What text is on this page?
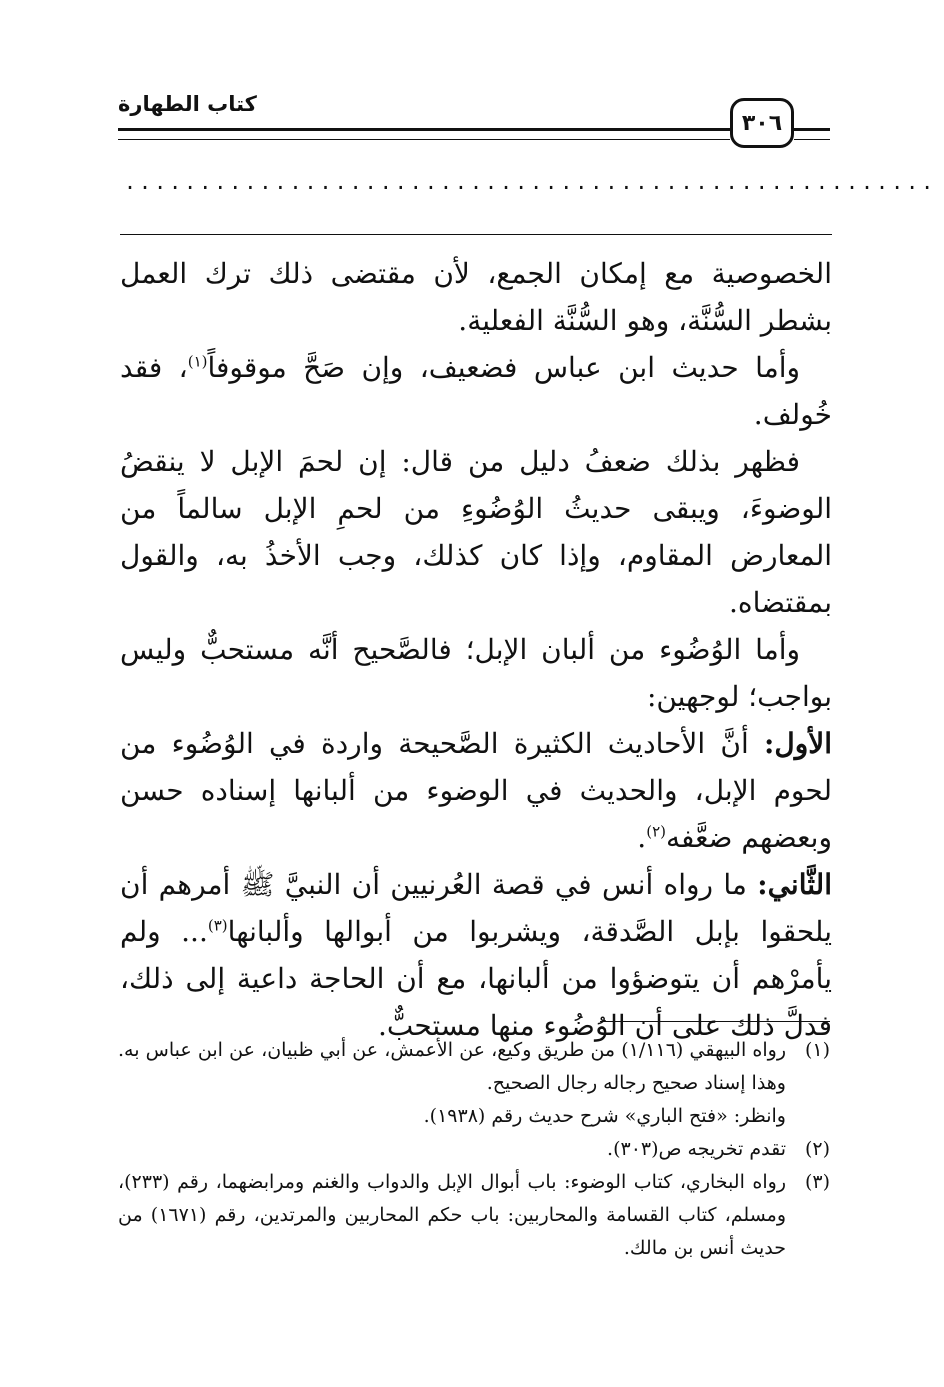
٣٠٦
كتاب الطهارة
......................................................

الخصوصية مع إمكان الجمع، لأن مقتضى ذلك ترك العمل بشطر السُّنَّة، وهو السُّنَّة الفعلية.

وأما حديث ابن عباس فضعيف، وإن صَحَّ موقوفاً$^{(١)}$، فقد خُولف.

فظهر بذلك ضعفُ دليل من قال: إن لحمَ الإبل لا ينقضُ الوضوءَ، ويبقى حديثُ الوُضُوءِ من لحمِ الإبل سالماً من المعارض المقاوم، وإذا كان كذلك، وجب الأخذُ به، والقول بمقتضاه.

وأما الوُضُوء من ألبان الإبل؛ فالصَّحيح أنَّه مستحبٌّ وليس بواجب؛ لوجهين:

الأول: أنَّ الأحاديث الكثيرة الصَّحيحة واردة في الوُضُوء من لحوم الإبل، والحديث في الوضوء من ألبانها إسناده حسن وبعضهم ضعَّفه$^{(٢)}$.

الثَّاني: ما رواه أنس في قصة العُرنيين أن النبيَّ ﷺ أمرهم أن يلحقوا بإبل الصَّدقة، ويشربوا من أبوالها وألبانها$^{(٣)}$... ولم يأمرْهم أن يتوضؤوا من ألبانها، مع أن الحاجة داعية إلى ذلك، فدلَّ ذلك على أن الوُضُوء منها مستحبٌّ.

(١)
رواه البيهقي (١/١١٦) من طريق وكيع، عن الأعمش، عن أبي ظبيان، عن ابن عباس به. وهذا إسناد صحيح رجاله رجال الصحيح.
وانظر: «فتح الباري» شرح حديث رقم (١٩٣٨).
(٢)
تقدم تخريجه ص(٣٠٣).
(٣)
رواه البخاري، كتاب الوضوء: باب أبوال الإبل والدواب والغنم ومرابضهما، رقم (٢٣٣)، ومسلم، كتاب القسامة والمحاربين: باب حكم المحاربين والمرتدين، رقم (١٦٧١) من حديث أنس بن مالك.
